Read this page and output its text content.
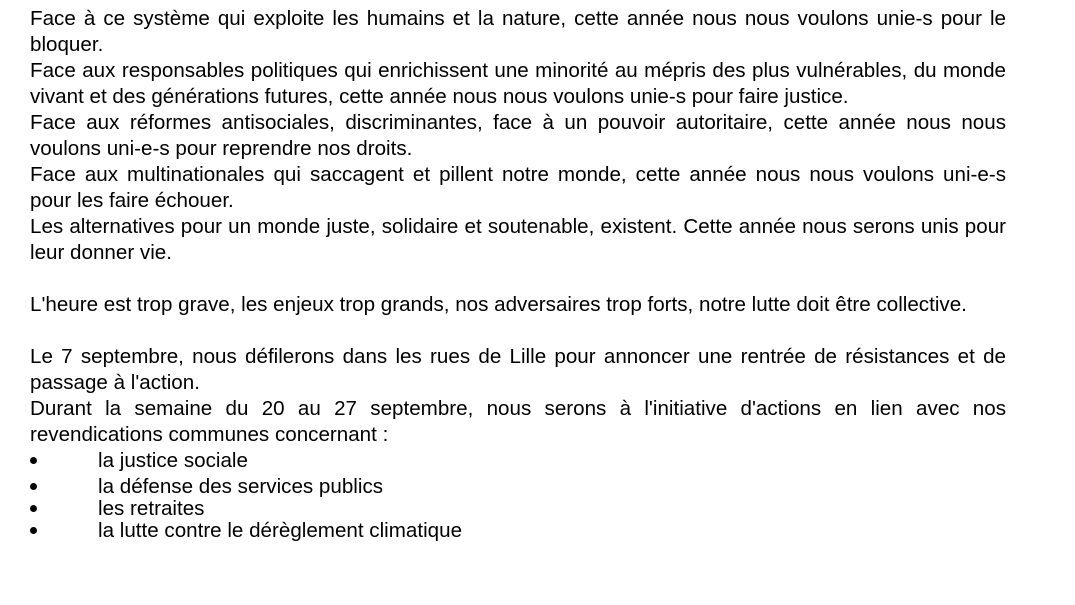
Face à ce système qui exploite les humains et la nature, cette année nous nous voulons unie-s pour le bloquer.

Face aux responsables politiques qui enrichissent une minorité au mépris des plus vulnérables, du monde vivant et des générations futures, cette année nous nous voulons unie-s pour faire justice.

Face aux réformes antisociales, discriminantes, face à un pouvoir autoritaire, cette année nous nous voulons uni-e-s pour reprendre nos droits.

Face aux multinationales qui saccagent et pillent notre monde, cette année nous nous voulons uni-e-s pour les faire échouer.

Les alternatives pour un monde juste, solidaire et soutenable, existent. Cette année nous serons unis pour leur donner vie.

L'heure est trop grave, les enjeux trop grands, nos adversaires trop forts, notre lutte doit être collective.

Le 7 septembre, nous défilerons dans les rues de Lille pour annoncer une rentrée de résistances et de passage à l'action.

Durant la semaine du 20 au 27 septembre, nous serons à l'initiative d'actions en lien avec nos revendications communes concernant :

la justice sociale
la défense des services publics
les retraites
la lutte contre le dérèglement climatique
